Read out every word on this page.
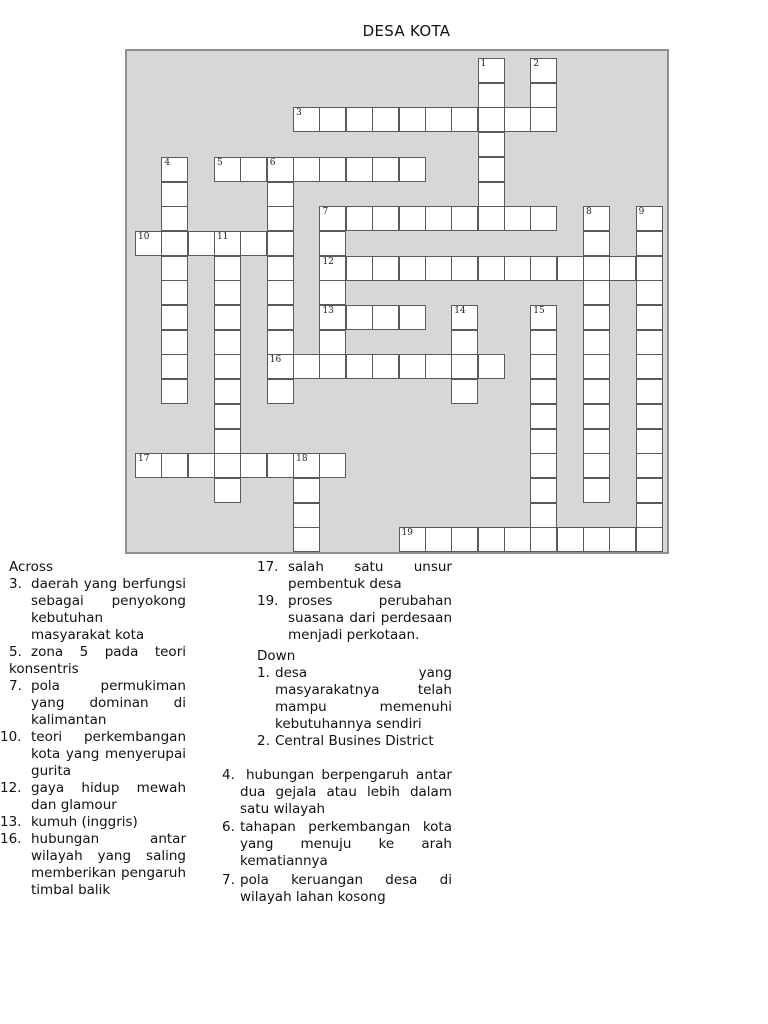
DESA KOTA
1	2
3
4	5	6
16
7
12
13
8	9
10	11
14	15
17	18
19
Across
3. daerah yang berfungsi sebagai penyokong kebutuhan masyarakat kota
5. zona 5 pada teori konsentris
7. pola permukiman yang dominan di kalimantan
10. teori perkembangan kota yang menyerupai gurita
12. gaya hidup mewah dan glamour
13. kumuh (inggris)
16. hubungan antar wilayah yang saling memberikan pengaruh timbal balik
17. salah satu unsur pembentuk desa
19. proses perubahan suasana dari perdesaan menjadi perkotaan.
Down
1. desa yang masyarakatnya telah mampu memenuhi kebutuhannya sendiri
2. Central Busines District
4. hubungan berpengaruh antar dua gejala atau lebih dalam satu wilayah
6. tahapan perkembangan kota yang menuju ke arah kematiannya
7. pola keruangan desa di wilayah lahan kosong
